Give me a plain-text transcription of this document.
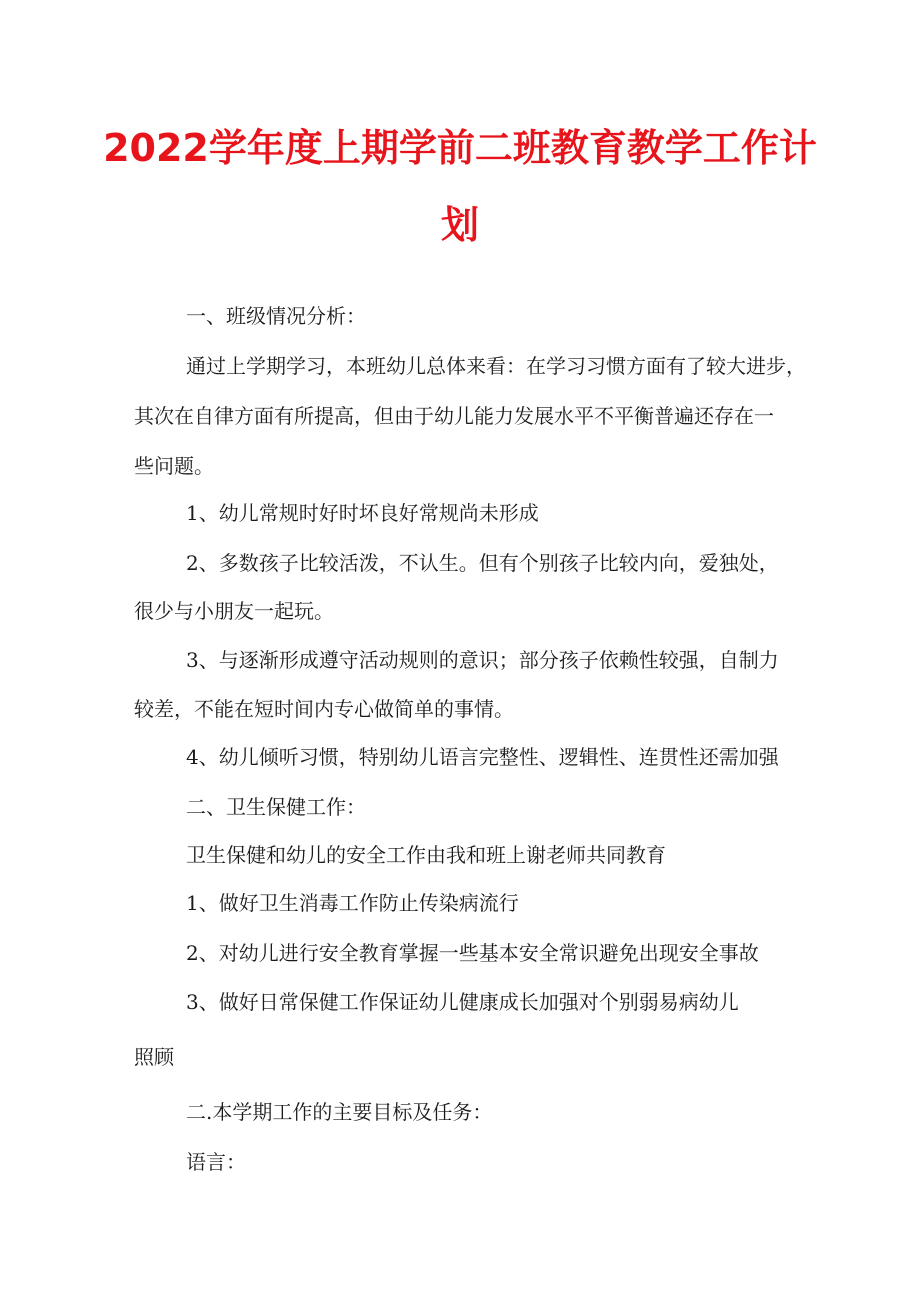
2022学年度上期学前二班教育教学工作计
划
一、班级情况分析：
通过上学期学习，本班幼儿总体来看：在学习习惯方面有了较大进步，
其次在自律方面有所提高，但由于幼儿能力发展水平不平衡普遍还存在一
些问题。
1、幼儿常规时好时坏良好常规尚未形成
2、多数孩子比较活泼，不认生。但有个别孩子比较内向，爱独处，
很少与小朋友一起玩。
3、与逐渐形成遵守活动规则的意识；部分孩子依赖性较强，自制力
较差，不能在短时间内专心做简单的事情。
4、幼儿倾听习惯，特别幼儿语言完整性、逻辑性、连贯性还需加强
二、卫生保健工作：
卫生保健和幼儿的安全工作由我和班上谢老师共同教育
1、做好卫生消毒工作防止传染病流行
2、对幼儿进行安全教育掌握一些基本安全常识避免出现安全事故
3、做好日常保健工作保证幼儿健康成长加强对个别弱易病幼儿
照顾
二.本学期工作的主要目标及任务：
语言：
